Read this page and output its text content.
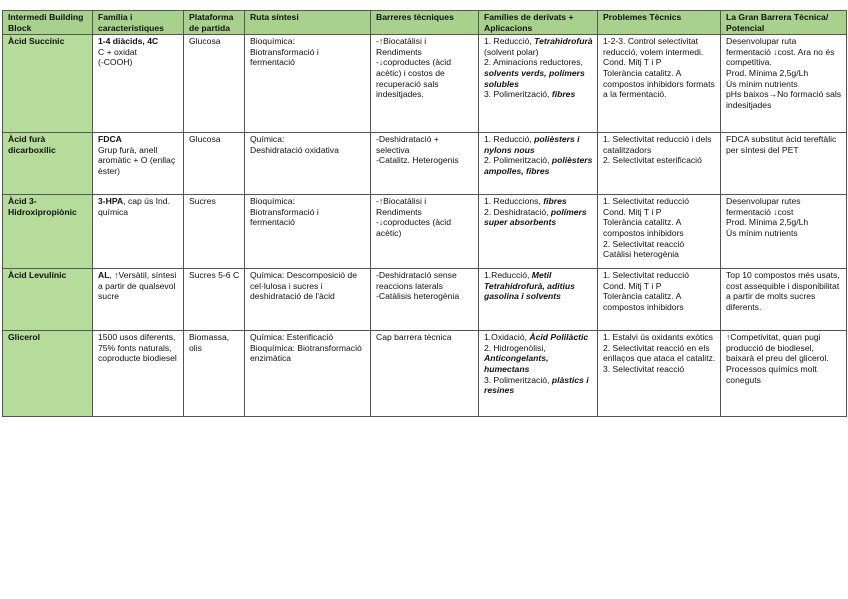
Intermedi Building Block	Família i característiques	Plataforma de partida	Ruta síntesi	Barreres tècniques	Famílies de derivats + Aplicacions	Problemes Tècnics	La Gran Barrera Tècnica/ Potencial
Àcid Succínic	1-4 diàcids, 4C
C + oxidat
(-COOH)	Glucosa	Bioquímica:
Biotransformació i fermentació	-↑Biocatàlisi i Rendiments
-↓coproductes (àcid acètic) i costos de recuperació sals indesitjades.	1. Reducció, Tetrahidrofurà (solvent polar)
2. Aminacions reductores, solvents verds, polímers solubles
3. Polimerització, fibres	1-2-3. Control selectivitat reducció, volem intermedi.
Cond. Mitj T i P
Tolerància catalitz. A compostos inhibidors formats a la fermentació.	Desenvolupar ruta fermentació ↓cost. Ara no és competitiva.
Prod. Mínima 2,5g/Lh
Ús mínim nutrients
pHs baixos→No formació sals indesitjades

Àcid furà dicarboxílic	FDCA
Grup furà, anell aromàtic + O (enllaç èster)	Glucosa	Química:
Deshidratació oxidativa	-Deshidratació + selectiva
-Catalitz. Heterogenis	1. Reducció, polièsters i nylons nous
2. Polimerització, polièsters ampolles, fibres	1. Selectivitat reducció i dels catalitzadors
2. Selectivitat esterificació	FDCA substitut àcid tereftàlic per síntesi del PET

Àcid 3-Hidroxipropiònic	3-HPA, cap ús Ind. química	Sucres	Bioquímica:
Biotransformació i fermentació	-↑Biocatàlisi i Rendiments
-↓coproductes (àcid acètic)	1. Reduccions, fibres
2. Deshidratació, polímers super absorbents	1. Selectivitat reducció
Cond. Mitj T i P
Tolerància catalitz. A compostos inhibidors
2. Selectivitat reacció
Catàlisi heterogènia	Desenvolupar rutes fermentació ↓cost
Prod. Mínima 2,5g/Lh
Ús mínim nutrients

Àcid Levulínic	AL, ↑Versàtil, síntesi a partir de qualsevol sucre	Sucres 5-6 C	Química: Descomposició de cel·lulosa i sucres i deshidratació de l'àcid	-Deshidratació sense reaccions laterals
-Catàlisis heterogènia	1.Reducció, Metil Tetrahidrofurà, aditius gasolina i solvents	1. Selectivitat reducció
Cond. Mitj T i P
Tolerància catalitz. A compostos inhibidors	Top 10 compostos més usats, cost assequible i disponibilitat a partir de molts sucres diferents.

Glicerol	1500 usos diferents, 75% fonts naturals, coproducte biodiesel	Biomassa, olis	Química: Esterificació
Bioquímica: Biotransformació enzimàtica	Cap barrera tècnica	1.Oxidació, Àcid Polilàctic
2. Hidrogenòlisi, Anticongelants, humectans
3. Polimerització, plàstics i resines	1. Estalvi ús oxidants exòtics
2. Selectivitat reacció en els enllaços que ataca el catalitz.
3. Selectivitat reacció	↑Competivitat, quan pugi producció de biodiesel, baixarà el preu del glicerol.
Processos químics molt coneguts
